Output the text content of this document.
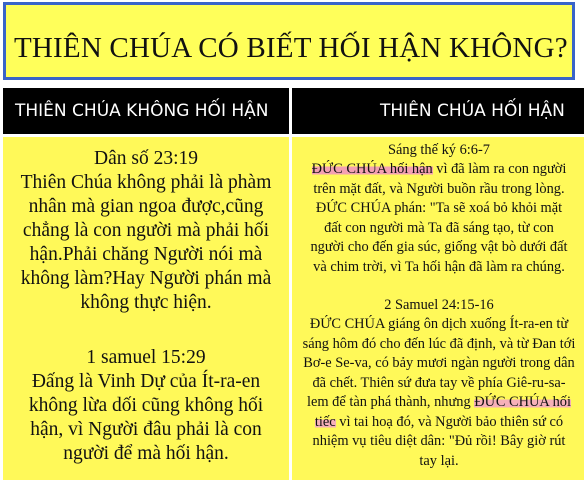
THIÊN CHÚA CÓ BIẾT HỐI HẬN KHÔNG?
THIÊN CHÚA KHÔNG HỐI HẬN	THIÊN CHÚA HỐI HẬN
Dân số 23:19
Thiên Chúa không phải là phàm nhân mà gian ngoa được,cũng chẳng là con người mà phải hối hận.Phải chăng Người nói mà không làm?Hay Người phán mà không thực hiện.
1 samuel 15:29
Đấng là Vinh Dự của Ít-ra-en không lừa dối cũng không hối hận, vì Người đâu phải là con người để mà hối hận.
Sáng thế ký 6:6-7
ĐỨC CHÚA hối hận vì đã làm ra con người trên mặt đất, và Người buồn rầu trong lòng. ĐỨC CHÚA phán: "Ta sẽ xoá bỏ khỏi mặt đất con người mà Ta đã sáng tạo, từ con người cho đến gia súc, giống vật bò dưới đất và chim trời, vì Ta hối hận đã làm ra chúng.
2 Samuel 24:15-16
ĐỨC CHÚA giáng ôn dịch xuống Ít-ra-en từ sáng hôm đó cho đến lúc đã định, và từ Đan tới Bơ-e Se-va, có bảy mươi ngàn người trong dân đã chết. Thiên sứ đưa tay về phía Giê-ru-sa-lem để tàn phá thành, nhưng ĐỨC CHÚA hối tiếc vì tai hoạ đó, và Người bảo thiên sứ có nhiệm vụ tiêu diệt dân: "Đủ rồi! Bây giờ rút tay lại.
